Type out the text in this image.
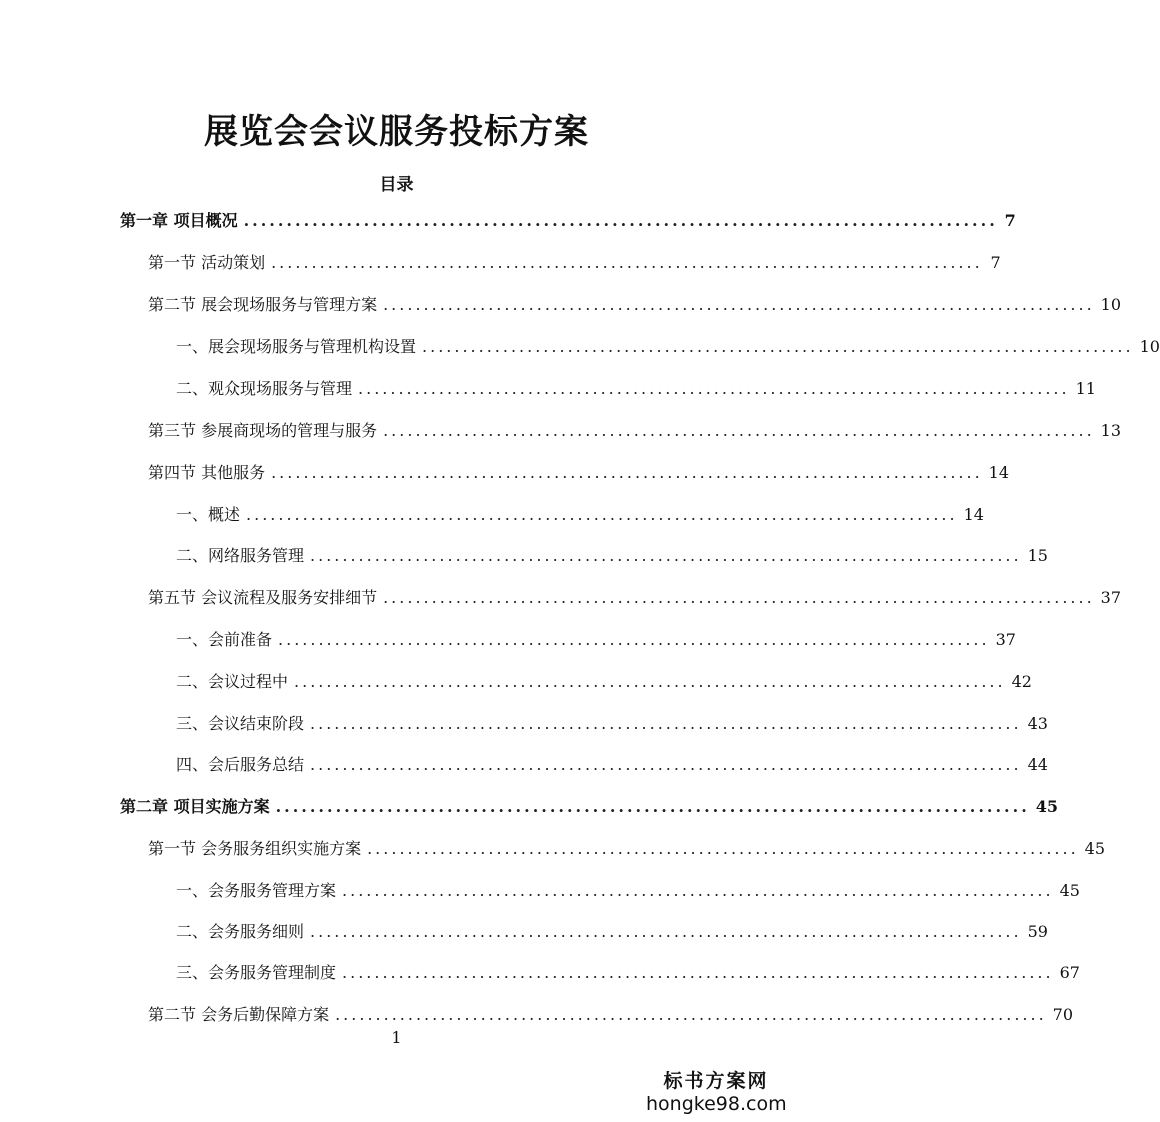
展览会会议服务投标方案
目录
第一章 项目概况 ........................................................................................ 7
第一节 活动策划 ........................................................................................ 7
第二节 展会现场服务与管理方案 ........................................................................................ 10
一、展会现场服务与管理机构设置 ........................................................................................ 10
二、观众现场服务与管理 ........................................................................................ 11
第三节 参展商现场的管理与服务 ........................................................................................ 13
第四节 其他服务 ........................................................................................ 14
一、概述 ........................................................................................ 14
二、网络服务管理 ........................................................................................ 15
第五节 会议流程及服务安排细节 ........................................................................................ 37
一、会前准备 ........................................................................................ 37
二、会议过程中 ........................................................................................ 42
三、会议结束阶段 ........................................................................................ 43
四、会后服务总结 ........................................................................................ 44
第二章 项目实施方案 ........................................................................................ 45
第一节 会务服务组织实施方案 ........................................................................................ 45
一、会务服务管理方案 ........................................................................................ 45
二、会务服务细则 ........................................................................................ 59
三、会务服务管理制度 ........................................................................................ 67
第二节 会务后勤保障方案 ........................................................................................ 70
1
标书方案网
hongke98.com
